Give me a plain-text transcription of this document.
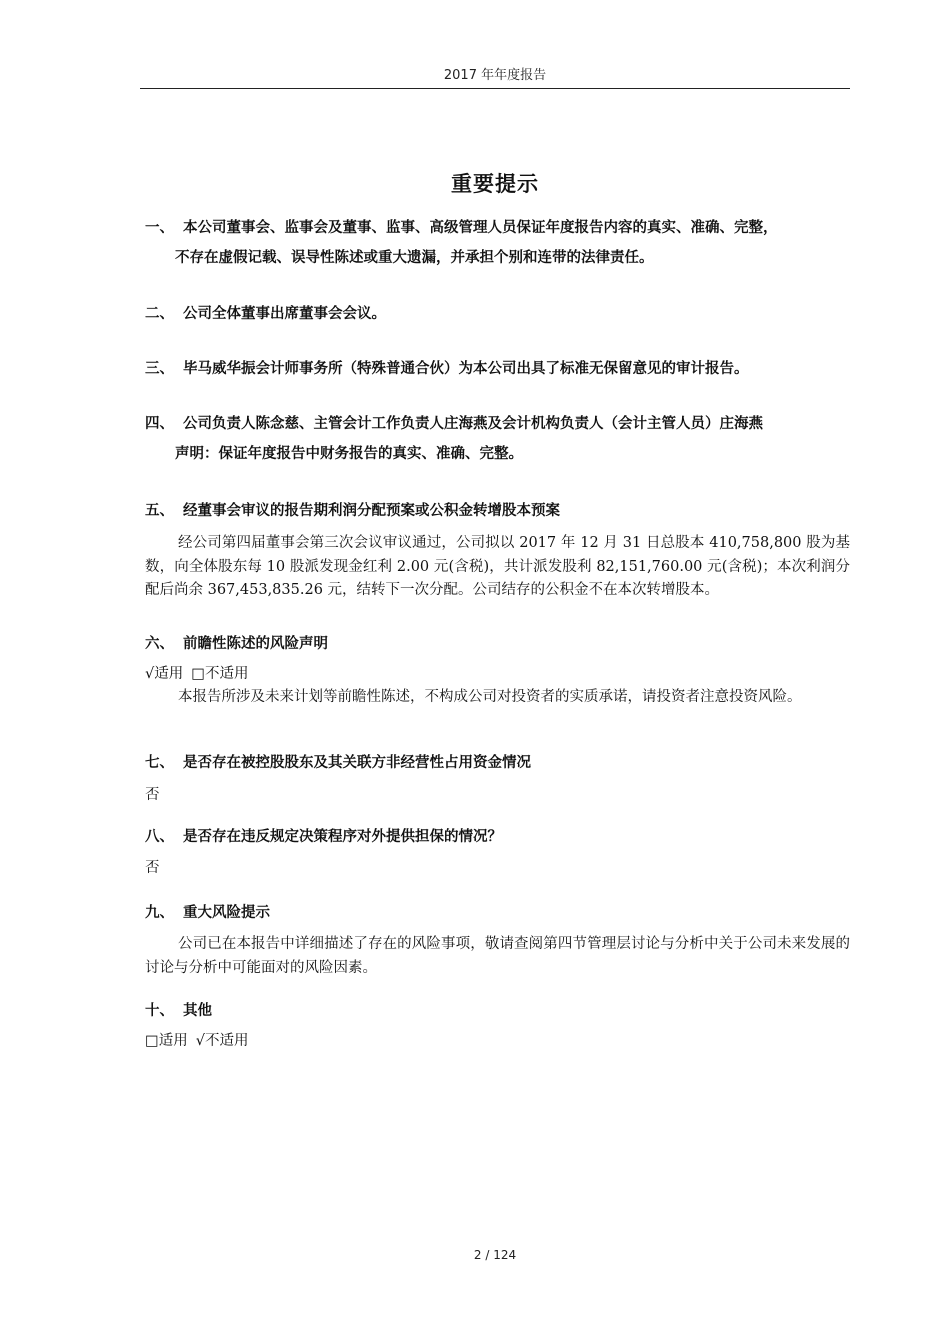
2017 年年度报告
重要提示
一、 本公司董事会、监事会及董事、监事、高级管理人员保证年度报告内容的真实、准确、完整，
不存在虚假记载、误导性陈述或重大遗漏，并承担个别和连带的法律责任。
二、 公司全体董事出席董事会会议。
三、 毕马威华振会计师事务所（特殊普通合伙）为本公司出具了标准无保留意见的审计报告。
四、 公司负责人陈念慈、主管会计工作负责人庄海燕及会计机构负责人（会计主管人员）庄海燕
声明：保证年度报告中财务报告的真实、准确、完整。
五、 经董事会审议的报告期利润分配预案或公积金转增股本预案
经公司第四届董事会第三次会议审议通过，公司拟以 2017 年 12 月 31 日总股本 410,758,800 股为基数，向全体股东每 10 股派发现金红利 2.00 元(含税)，共计派发股利 82,151,760.00 元(含税)；本次利润分配后尚余 367,453,835.26 元，结转下一次分配。公司结存的公积金不在本次转增股本。
六、 前瞻性陈述的风险声明
√适用 □不适用
本报告所涉及未来计划等前瞻性陈述，不构成公司对投资者的实质承诺，请投资者注意投资风险。
七、 是否存在被控股股东及其关联方非经营性占用资金情况
否
八、 是否存在违反规定决策程序对外提供担保的情况？
否
九、 重大风险提示
公司已在本报告中详细描述了存在的风险事项，敬请查阅第四节管理层讨论与分析中关于公司未来发展的讨论与分析中可能面对的风险因素。
十、 其他
□适用 √不适用
2 / 124
